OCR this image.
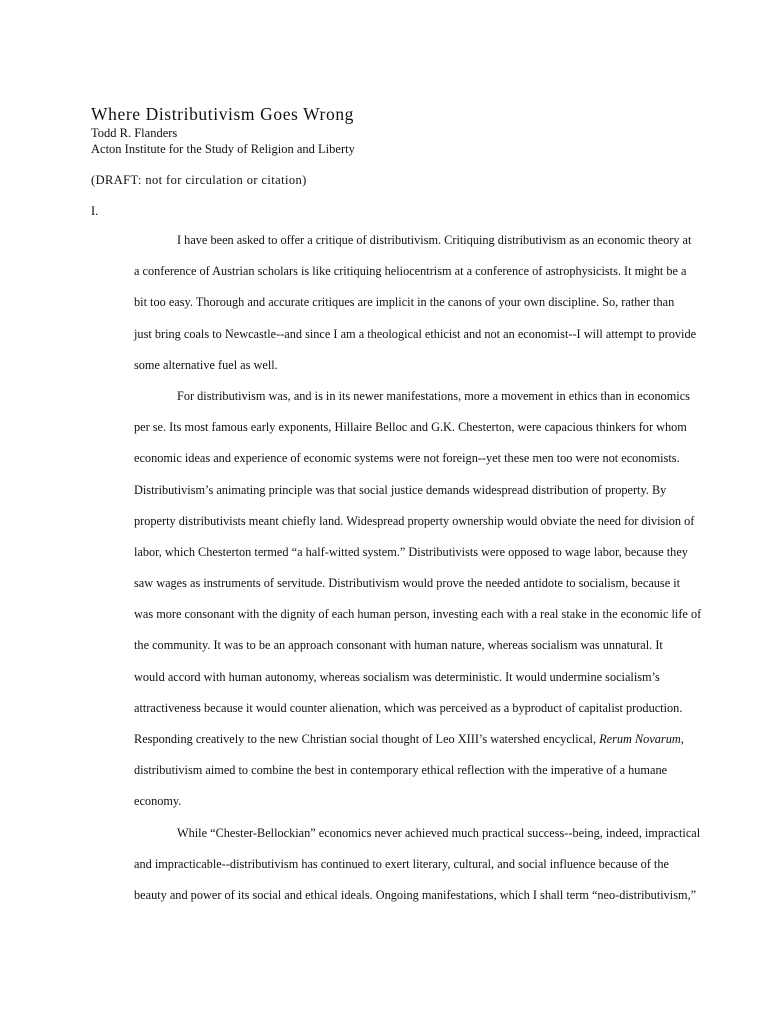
Where Distributivism Goes Wrong
Todd R. Flanders
Acton Institute for the Study of Religion and Liberty
(DRAFT: not for circulation or citation)
I.
I have been asked to offer a critique of distributivism. Critiquing distributivism as an economic theory at
a conference of Austrian scholars is like critiquing heliocentrism at a conference of astrophysicists. It might be a
bit too easy. Thorough and accurate critiques are implicit in the canons of your own discipline. So, rather than
just bring coals to Newcastle--and since I am a theological ethicist and not an economist--I will attempt to provide
some alternative fuel as well.
For distributivism was, and is in its newer manifestations, more a movement in ethics than in economics
per se. Its most famous early exponents, Hillaire Belloc and G.K. Chesterton, were capacious thinkers for whom
economic ideas and experience of economic systems were not foreign--yet these men too were not economists.
Distributivism’s animating principle was that social justice demands widespread distribution of property. By
property distributivists meant chiefly land. Widespread property ownership would obviate the need for division of
labor, which Chesterton termed “a half-witted system.” Distributivists were opposed to wage labor, because they
saw wages as instruments of servitude. Distributivism would prove the needed antidote to socialism, because it
was more consonant with the dignity of each human person, investing each with a real stake in the economic life of
the community. It was to be an approach consonant with human nature, whereas socialism was unnatural. It
would accord with human autonomy, whereas socialism was deterministic. It would undermine socialism’s
attractiveness because it would counter alienation, which was perceived as a byproduct of capitalist production.
Responding creatively to the new Christian social thought of Leo XIII’s watershed encyclical, Rerum Novarum,
distributivism aimed to combine the best in contemporary ethical reflection with the imperative of a humane
economy.
While “Chester-Bellockian” economics never achieved much practical success--being, indeed, impractical
and impracticable--distributivism has continued to exert literary, cultural, and social influence because of the
beauty and power of its social and ethical ideals. Ongoing manifestations, which I shall term “neo-distributivism,”
